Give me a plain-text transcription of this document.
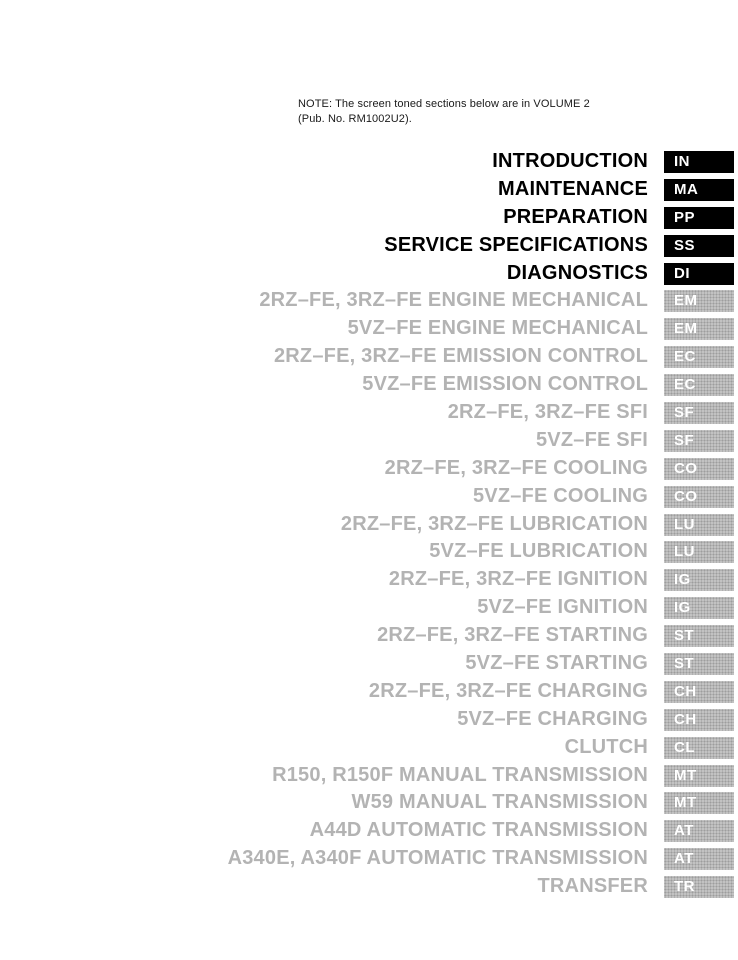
NOTE: The screen toned sections below are in VOLUME 2
(Pub. No. RM1002U2).
INTRODUCTION	IN
MAINTENANCE	MA
PREPARATION	PP
SERVICE SPECIFICATIONS	SS
DIAGNOSTICS	DI
2RZ–FE, 3RZ–FE ENGINE MECHANICAL	EM
5VZ–FE ENGINE MECHANICAL	EM
2RZ–FE, 3RZ–FE EMISSION CONTROL	EC
5VZ–FE EMISSION CONTROL	EC
2RZ–FE, 3RZ–FE SFI	SF
5VZ–FE SFI	SF
2RZ–FE, 3RZ–FE COOLING	CO
5VZ–FE COOLING	CO
2RZ–FE, 3RZ–FE LUBRICATION	LU
5VZ–FE LUBRICATION	LU
2RZ–FE, 3RZ–FE IGNITION	IG
5VZ–FE IGNITION	IG
2RZ–FE, 3RZ–FE STARTING	ST
5VZ–FE STARTING	ST
2RZ–FE, 3RZ–FE CHARGING	CH
5VZ–FE CHARGING	CH
CLUTCH	CL
R150, R150F MANUAL TRANSMISSION	MT
W59 MANUAL TRANSMISSION	MT
A44D AUTOMATIC TRANSMISSION	AT
A340E, A340F AUTOMATIC TRANSMISSION	AT
TRANSFER	TR
